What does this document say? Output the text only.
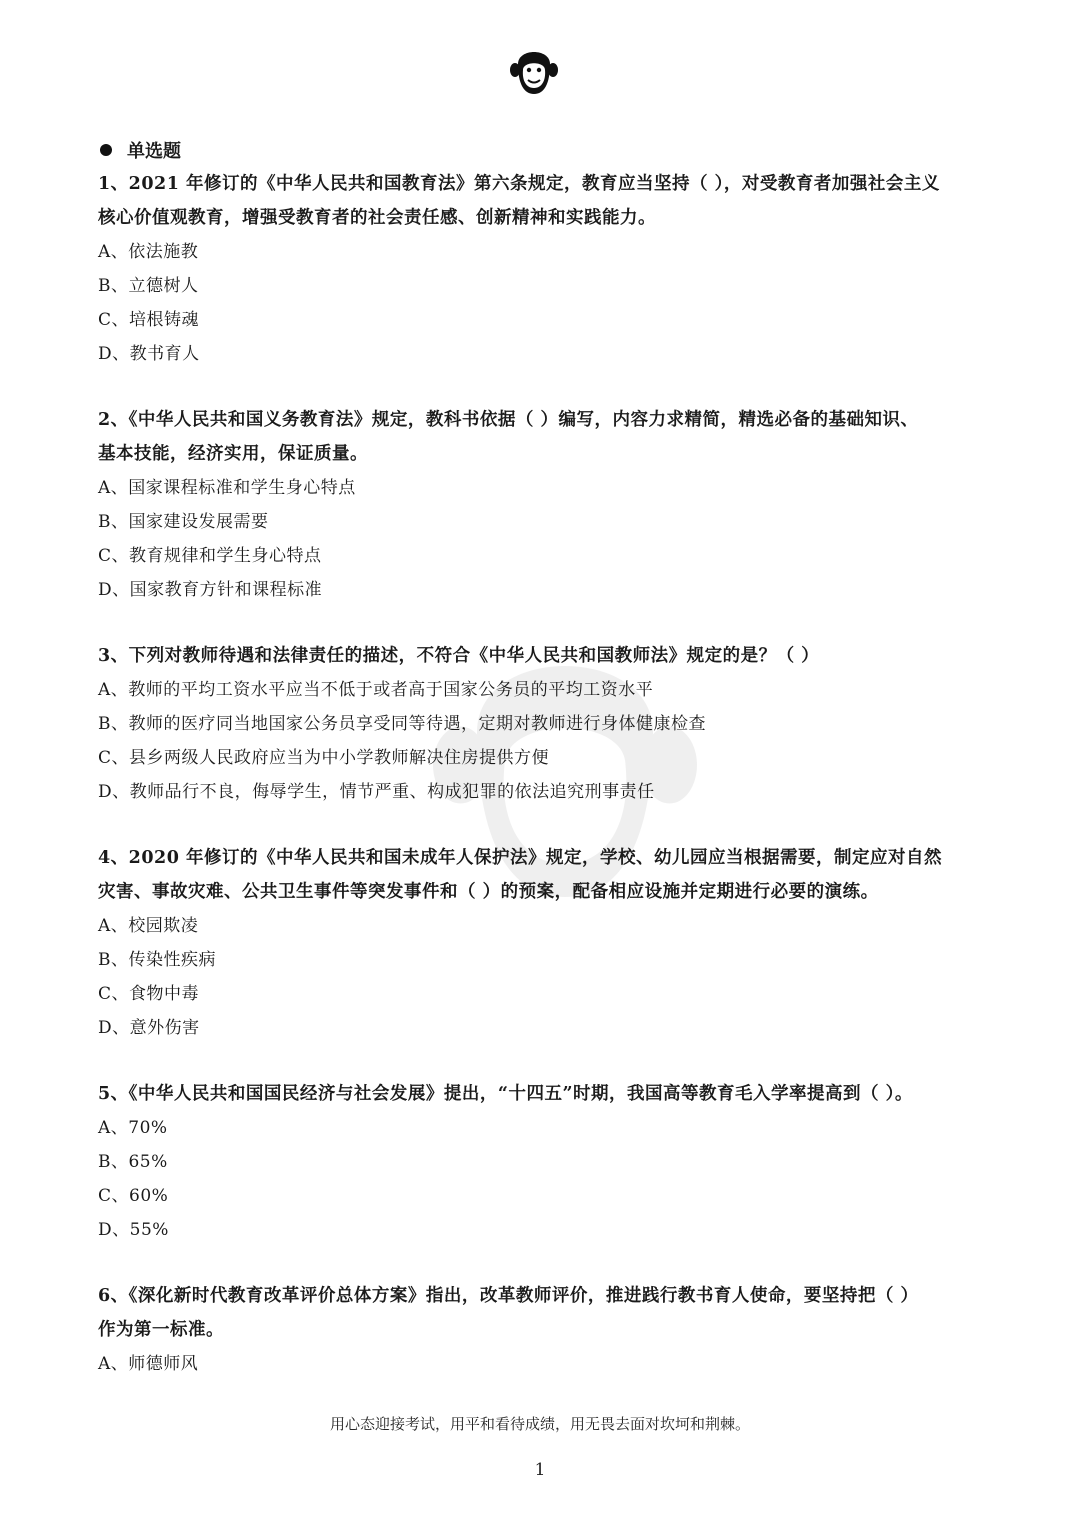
单选题
1、2021 年修订的《中华人民共和国教育法》第六条规定，教育应当坚持（ ），对受教育者加强社会主义
核心价值观教育，增强受教育者的社会责任感、创新精神和实践能力。
A、依法施教
B、立德树人
C、培根铸魂
D、教书育人
2、《中华人民共和国义务教育法》规定，教科书依据（ ）编写，内容力求精简，精选必备的基础知识、
基本技能，经济实用，保证质量。
A、国家课程标准和学生身心特点
B、国家建设发展需要
C、教育规律和学生身心特点
D、国家教育方针和课程标准
3、下列对教师待遇和法律责任的描述，不符合《中华人民共和国教师法》规定的是？（ ）
A、教师的平均工资水平应当不低于或者高于国家公务员的平均工资水平
B、教师的医疗同当地国家公务员享受同等待遇，定期对教师进行身体健康检查
C、县乡两级人民政府应当为中小学教师解决住房提供方便
D、教师品行不良，侮辱学生，情节严重、构成犯罪的依法追究刑事责任
4、2020 年修订的《中华人民共和国未成年人保护法》规定，学校、幼儿园应当根据需要，制定应对自然
灾害、事故灾难、公共卫生事件等突发事件和（ ）的预案，配备相应设施并定期进行必要的演练。
A、校园欺凌
B、传染性疾病
C、食物中毒
D、意外伤害
5、《中华人民共和国国民经济与社会发展》提出，“十四五”时期，我国高等教育毛入学率提高到（ ）。
A、70%
B、65%
C、60%
D、55%
6、《深化新时代教育改革评价总体方案》指出，改革教师评价，推进践行教书育人使命，要坚持把（ ）
作为第一标准。
A、师德师风
用心态迎接考试，用平和看待成绩，用无畏去面对坎坷和荆棘。
1
